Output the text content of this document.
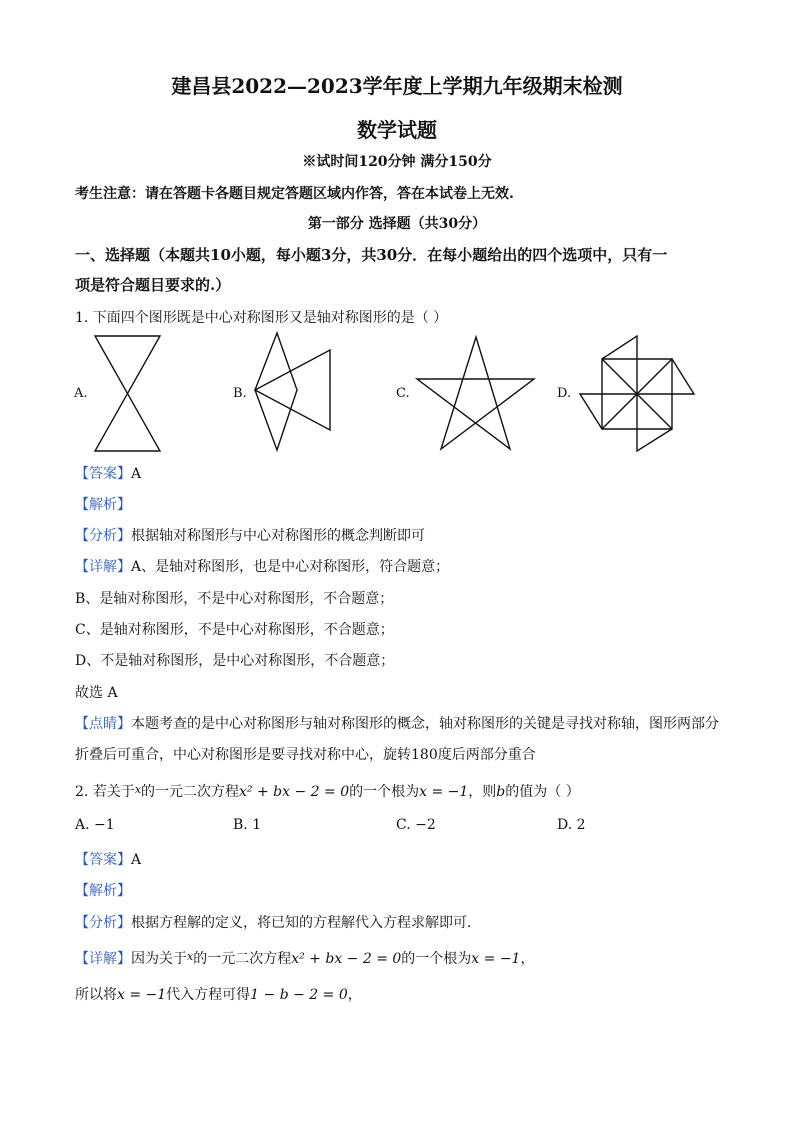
建昌县2022—2023学年度上学期九年级期末检测
数学试题
※试时间120分钟 满分150分
考生注意：请在答题卡各题目规定答题区域内作答，答在本试卷上无效.
第一部分 选择题（共30分）
一、选择题（本题共10小题，每小题3分，共30分．在每小题给出的四个选项中，只有一
项是符合题目要求的.）
1. 下面四个图形既是中心对称图形又是轴对称图形的是（ ）
A.	B.	C.	D.
【答案】A
【解析】
【分析】根据轴对称图形与中心对称图形的概念判断即可
【详解】A、是轴对称图形，也是中心对称图形，符合题意；
B、是轴对称图形，不是中心对称图形，不合题意；
C、是轴对称图形，不是中心对称图形，不合题意；
D、不是轴对称图形，是中心对称图形，不合题意；
故选 A
【点睛】本题考查的是中心对称图形与轴对称图形的概念，轴对称图形的关键是寻找对称轴，图形两部分
折叠后可重合，中心对称图形是要寻找对称中心，旋转180度后两部分重合
2. 若关于$^x$的一元二次方程x² + bx − 2 = 0的一个根为x = −1，则b的值为（ ）
A. −1	B. 1	C. −2	D. 2
【答案】A
【解析】
【分析】根据方程解的定义，将已知的方程解代入方程求解即可．
【详解】因为关于$^x$的一元二次方程x² + bx − 2 = 0的一个根为x = −1，
所以将x = −1代入方程可得1 − b − 2 = 0，
